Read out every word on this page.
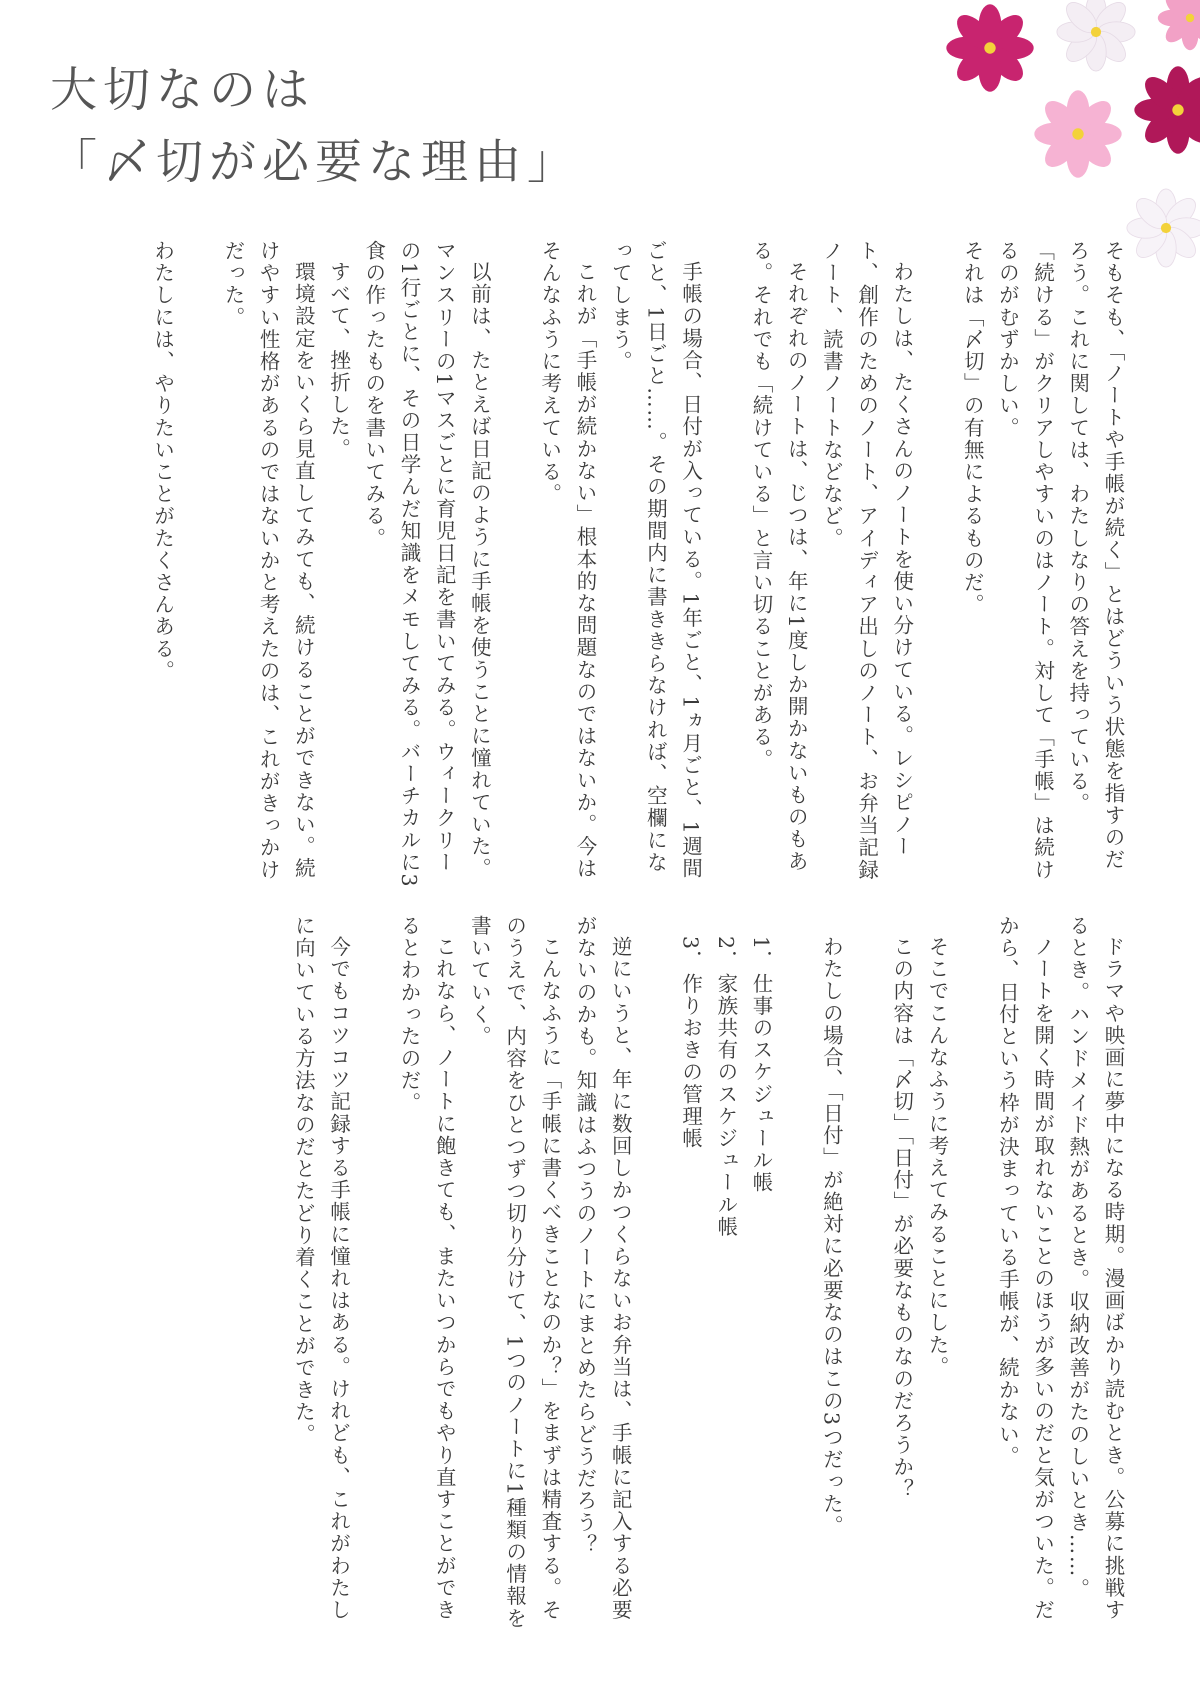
大切なのは
「〆切が必要な理由」

そもそも、「ノートや手帳が続く」とはどういう状態を指すのだろう。これに関しては、わたしなりの答えを持っている。

「続ける」がクリアしやすいのはノート。対して「手帳」は続けるのがむずかしい。

それは「〆切」の有無によるものだ。

わたしは、たくさんのノートを使い分けている。レシピノート、創作のためのノート、アイディア出しのノート、お弁当記録ノート、読書ノートなどなど。

それぞれのノートは、じつは、年に1度しか開かないものもある。それでも「続けている」と言い切ることがある。

手帳の場合、日付が入っている。1年ごと、1ヵ月ごと、1週間ごと、1日ごと……。その期間内に書ききらなければ、空欄になってしまう。

これが「手帳が続かない」根本的な問題なのではないか。今はそんなふうに考えている。

以前は、たとえば日記のように手帳を使うことに憧れていた。マンスリーの1マスごとに育児日記を書いてみる。ウィークリーの1行ごとに、その日学んだ知識をメモしてみる。バーチカルに3食の作ったものを書いてみる。

すべて、挫折した。

環境設定をいくら見直してみても、続けることができない。続けやすい性格があるのではないかと考えたのは、これがきっかけだった。

わたしには、やりたいことがたくさんある。

ドラマや映画に夢中になる時期。漫画ばかり読むとき。公募に挑戦するとき。ハンドメイド熱があるとき。収納改善がたのしいとき……。

ノートを開く時間が取れないことのほうが多いのだと気がついた。だから、日付という枠が決まっている手帳が、続かない。

そこでこんなふうに考えてみることにした。

この内容は「〆切」「日付」が必要なものなのだろうか？

わたしの場合、「日付」が絶対に必要なのはこの3つだった。

1．仕事のスケジュール帳

2．家族共有のスケジュール帳

3．作りおきの管理帳

逆にいうと、年に数回しかつくらないお弁当は、手帳に記入する必要がないのかも。知識はふつうのノートにまとめたらどうだろう？

こんなふうに「手帳に書くべきことなのか？」をまずは精査する。そのうえで、内容をひとつずつ切り分けて、1つのノートに1種類の情報を書いていく。

これなら、ノートに飽きても、またいつからでもやり直すことができるとわかったのだ。

今でもコツコツ記録する手帳に憧れはある。けれども、これがわたしに向いている方法なのだとたどり着くことができた。
